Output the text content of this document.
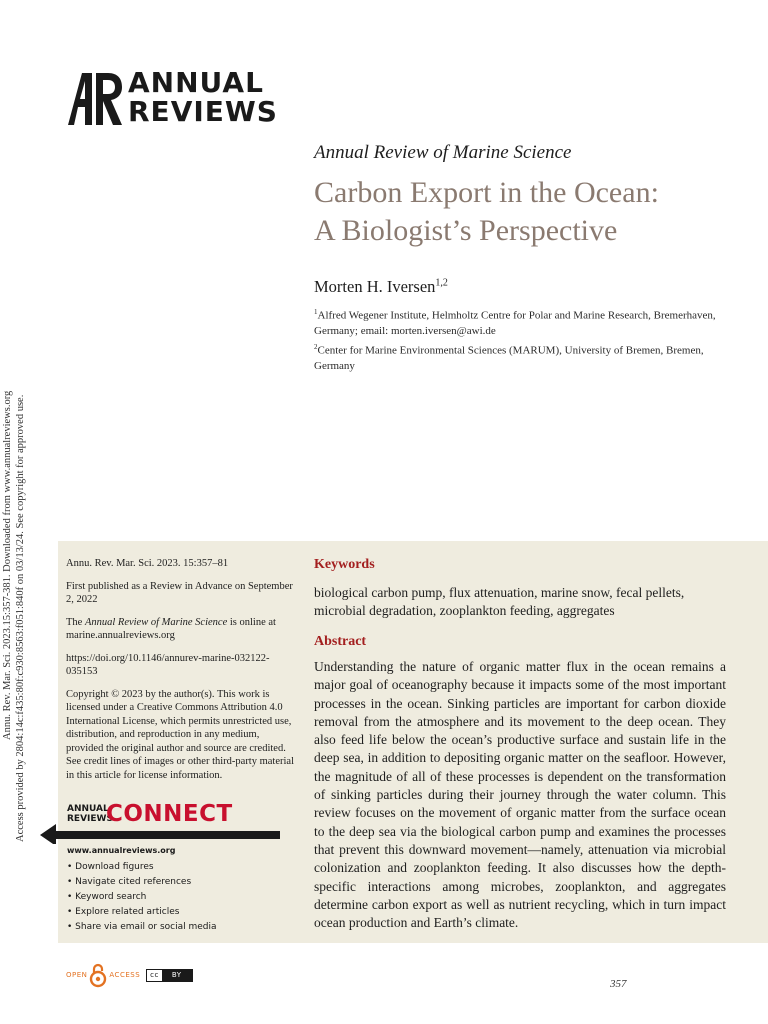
Annu. Rev. Mar. Sci. 2023.15:357-381. Downloaded from www.annualreviews.org Access provided by 2804:14c:f435:80f:c930:8563:f051:840f on 03/13/24. See copyright for approved use.
ANNUAL
REVIEWS
Annual Review of Marine Science
Carbon Export in the Ocean:
A Biologist’s Perspective
Morten H. Iversen$^{1,2}$
$^1$Alfred Wegener Institute, Helmholtz Centre for Polar and Marine Research, Bremerhaven, Germany; email: morten.iversen@awi.de
$^2$Center for Marine Environmental Sciences (MARUM), University of Bremen, Bremen, Germany

Annu. Rev. Mar. Sci. 2023. 15:357–81

First published as a Review in Advance on September 2, 2022

The Annual Review of Marine Science is online at marine.annualreviews.org

https://doi.org/10.1146/annurev-marine-032122-035153

Copyright © 2023 by the author(s). This work is licensed under a Creative Commons Attribution 4.0 International License, which permits unrestricted use, distribution, and reproduction in any medium, provided the original author and source are credited. See credit lines of images or other third-party material in this article for license information.

ANNUAL
REVIEWS
CONNECT
www.annualreviews.org
• Download figures
• Navigate cited references
• Keyword search
• Explore related articles
• Share via email or social media
Keywords
biological carbon pump, flux attenuation, marine snow, fecal pellets, microbial degradation, zooplankton feeding, aggregates
Abstract
Understanding the nature of organic matter flux in the ocean remains a major goal of oceanography because it impacts some of the most important processes in the ocean. Sinking particles are important for carbon dioxide removal from the atmosphere and its movement to the deep ocean. They also feed life below the ocean’s productive surface and sustain life in the deep sea, in addition to depositing organic matter on the seafloor. However, the magnitude of all of these processes is dependent on the transformation of sinking particles during their journey through the water column. This review focuses on the movement of organic matter from the surface ocean to the deep sea via the biological carbon pump and examines the processes that prevent this downward movement—namely, attenuation via microbial colonization and zooplankton feeding. It also discusses how the depth-specific interactions among microbes, zooplankton, and aggregates determine carbon export as well as nutrient recycling, which in turn impact ocean production and Earth’s climate.
OPEN	ACCESS	cc	BY
357
